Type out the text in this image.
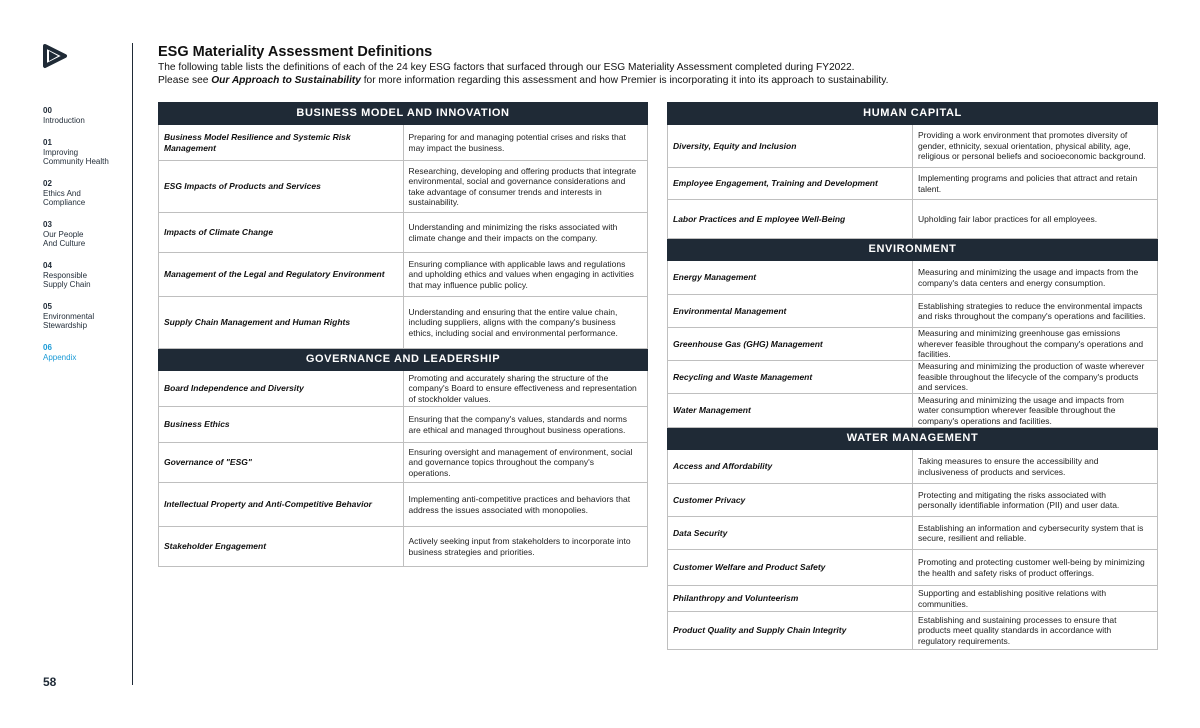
00
Introduction
01
Improving
Community Health
02
Ethics And
Compliance
03
Our People
And Culture
04
Responsible
Supply Chain
05
Environmental
Stewardship
06
Appendix
58
ESG Materiality Assessment Definitions
The following table lists the definitions of each of the 24 key ESG factors that surfaced through our ESG Materiality Assessment completed during FY2022.
Please see Our Approach to Sustainability for more information regarding this assessment and how Premier is incorporating it into its approach to sustainability.
BUSINESS MODEL AND INNOVATION	
Business Model Resilience and Systemic Risk Management	Preparing for and managing potential crises and risks that may impact the business.
ESG Impacts of Products and Services	Researching, developing and offering products that integrate environmental, social and governance considerations and take advantage of consumer trends and interests in sustainability.
Impacts of Climate Change	Understanding and minimizing the risks associated with climate change and their impacts on the company.
Management of the Legal and Regulatory Environment	Ensuring compliance with applicable laws and regulations and upholding ethics and values when engaging in activities that may influence public policy.
Supply Chain Management and Human Rights	Understanding and ensuring that the entire value chain, including suppliers, aligns with the company's business ethics, including social and environmental performance.
GOVERNANCE AND LEADERSHIP	
Board Independence and Diversity	Promoting and accurately sharing the structure of the company's Board to ensure effectiveness and representation of stockholder values.
Business Ethics	Ensuring that the company's values, standards and norms are ethical and managed throughout business operations.
Governance of "ESG"	Ensuring oversight and management of environment, social and governance topics throughout the company's operations.
Intellectual Property and Anti-Competitive Behavior	Implementing anti-competitive practices and behaviors that address the issues associated with monopolies.
Stakeholder Engagement	Actively seeking input from stakeholders to incorporate into business strategies and priorities.
HUMAN CAPITAL	
Diversity, Equity and Inclusion	Providing a work environment that promotes diversity of gender, ethnicity, sexual orientation, physical ability, age, religious or personal beliefs and socioeconomic background.
Employee Engagement, Training and Development	Implementing programs and policies that attract and retain talent.
Labor Practices and E mployee Well-Being	Upholding fair labor practices for all employees.
ENVIRONMENT	
Energy Management	Measuring and minimizing the usage and impacts from the company's data centers and energy consumption.
Environmental Management	Establishing strategies to reduce the environmental impacts and risks throughout the company's operations and facilities.
Greenhouse Gas (GHG) Management	Measuring and minimizing greenhouse gas emissions wherever feasible throughout the company's operations and facilities.
Recycling and Waste Management	Measuring and minimizing the production of waste wherever feasible throughout the lifecycle of the company's products and services.
Water Management	Measuring and minimizing the usage and impacts from water consumption wherever feasible throughout the company's operations and facilities.
WATER MANAGEMENT	
Access and Affordability	Taking measures to ensure the accessibility and inclusiveness of products and services.
Customer Privacy	Protecting and mitigating the risks associated with personally identifiable information (PII) and user data.
Data Security	Establishing an information and cybersecurity system that is secure, resilient and reliable.
Customer Welfare and Product Safety	Promoting and protecting customer well-being by minimizing the health and safety risks of product offerings.
Philanthropy and Volunteerism	Supporting and establishing positive relations with communities.
Product Quality and Supply Chain Integrity	Establishing and sustaining processes to ensure that products meet quality standards in accordance with regulatory requirements.
